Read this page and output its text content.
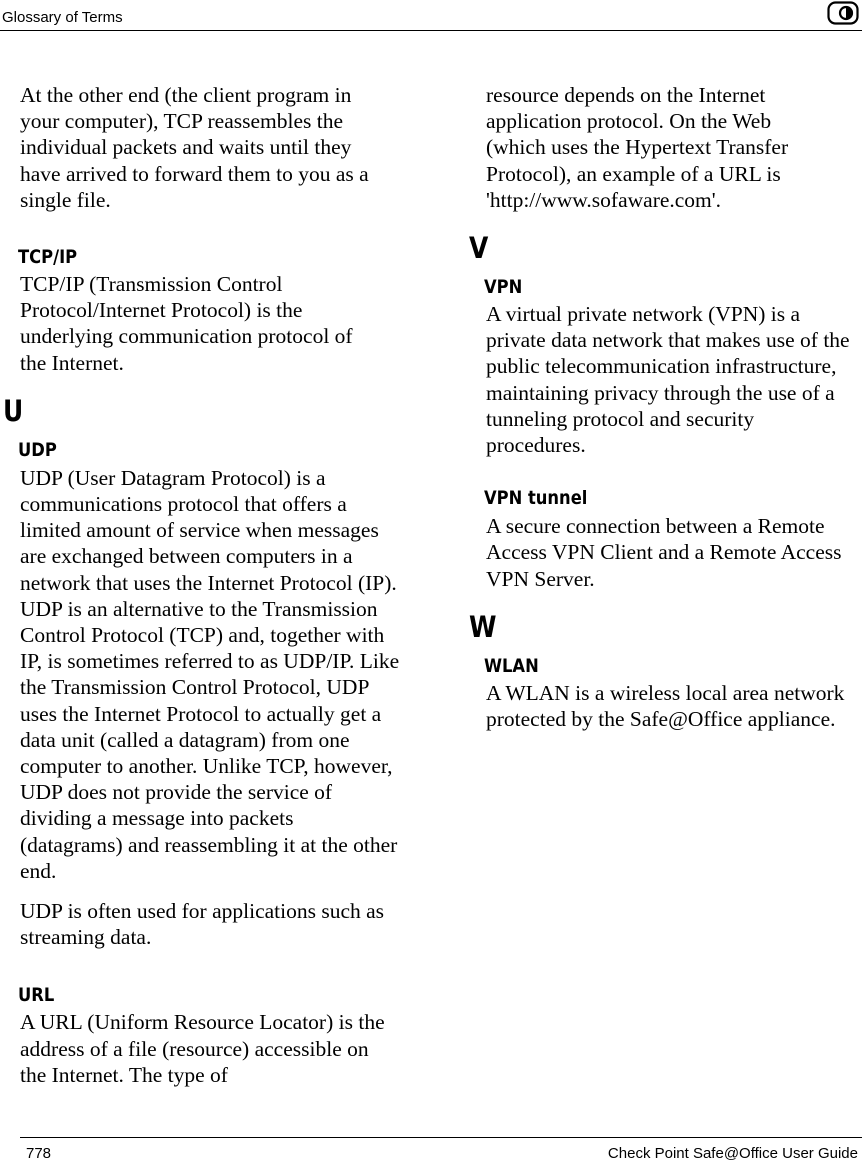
Glossary of Terms

At the other end (the client program in your computer), TCP reassembles the individual packets and waits until they have arrived to forward them to you as a single file.

TCP/IP

TCP/IP (Transmission Control Protocol/Internet Protocol) is the underlying communication protocol of the Internet.

U
UDP

UDP (User Datagram Protocol) is a communications protocol that offers a limited amount of service when messages are exchanged between computers in a network that uses the Internet Protocol (IP). UDP is an alternative to the Transmission Control Protocol (TCP) and, together with IP, is sometimes referred to as UDP/IP. Like the Transmission Control Protocol, UDP uses the Internet Protocol to actually get a data unit (called a datagram) from one computer to another. Unlike TCP, however, UDP does not provide the service of dividing a message into packets (datagrams) and reassembling it at the other end.

UDP is often used for applications such as streaming data.

URL

A URL (Uniform Resource Locator) is the address of a file (resource) accessible on the Internet. The type of

resource depends on the Internet application protocol. On the Web (which uses the Hypertext Transfer Protocol), an example of a URL is 'http://www.sofaware.com'.

V
VPN

A virtual private network (VPN) is a private data network that makes use of the public telecommunication infrastructure, maintaining privacy through the use of a tunneling protocol and security procedures.

VPN tunnel

A secure connection between a Remote Access VPN Client and a Remote Access VPN Server.

W
WLAN

A WLAN is a wireless local area network protected by the Safe@Office appliance.

778	Check Point Safe@Office User Guide
